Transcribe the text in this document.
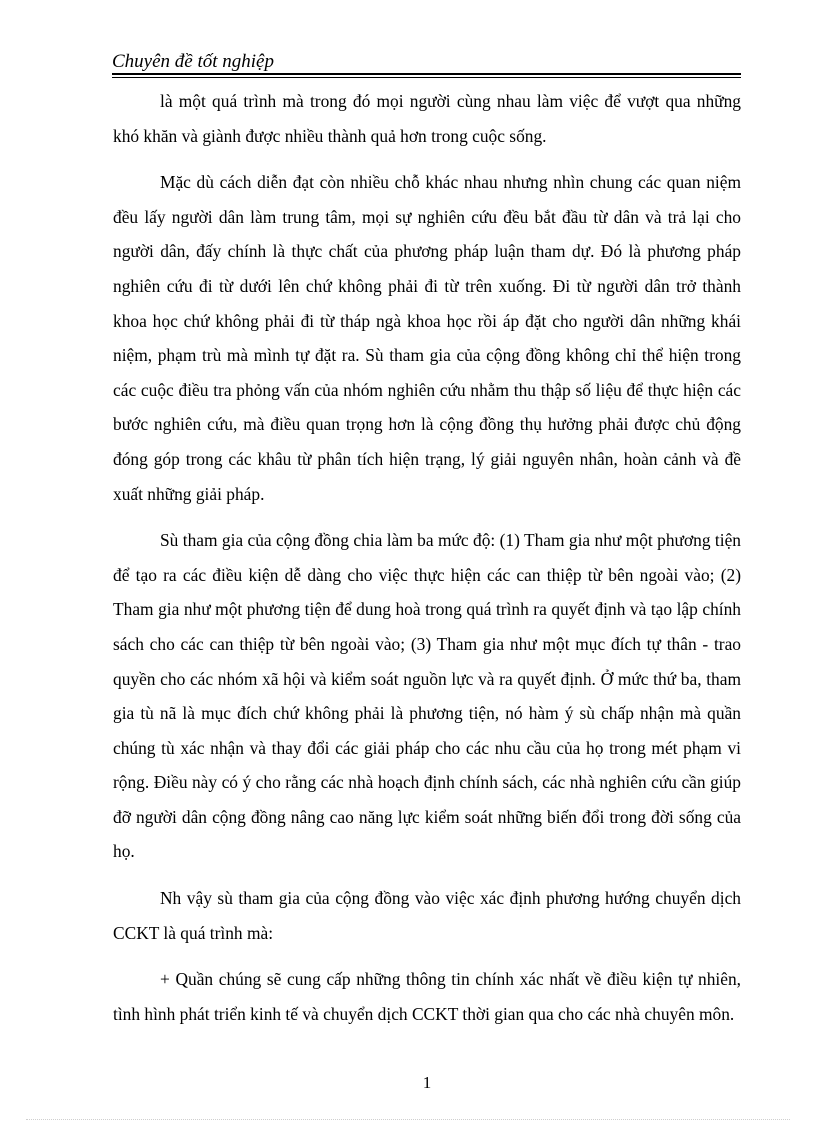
Chuyên đề tốt nghiệp

là một quá trình mà trong đó mọi người cùng nhau làm việc để vượt qua những khó khăn và giành được nhiều thành quả hơn trong cuộc sống.

Mặc dù cách diễn đạt còn nhiều chỗ khác nhau nhưng nhìn chung các quan niệm đều lấy người dân làm trung tâm, mọi sự nghiên cứu đều bắt đầu từ dân và trả lại cho người dân, đấy chính là thực chất của phương pháp luận tham dự. Đó là phương pháp nghiên cứu đi từ dưới lên chứ không phải đi từ trên xuống. Đi từ người dân trở thành khoa học chứ không phải đi từ tháp ngà khoa học rồi áp đặt cho người dân những khái niệm, phạm trù mà mình tự đặt ra. Sù tham gia của cộng đồng không chỉ thể hiện trong các cuộc điều tra phỏng vấn của nhóm nghiên cứu nhằm thu thập số liệu để thực hiện các bước nghiên cứu, mà điều quan trọng hơn là cộng đồng thụ hưởng phải được chủ động đóng góp trong các khâu từ phân tích hiện trạng, lý giải nguyên nhân, hoàn cảnh và đề xuất những giải pháp.

Sù tham gia của cộng đồng chia làm ba mức độ: (1) Tham gia như một phương tiện để tạo ra các điều kiện dễ dàng cho việc thực hiện các can thiệp từ bên ngoài vào; (2) Tham gia như một phương tiện để dung hoà trong quá trình ra quyết định và tạo lập chính sách cho các can thiệp từ bên ngoài vào; (3) Tham gia như một mục đích tự thân - trao quyền cho các nhóm xã hội và kiểm soát nguồn lực và ra quyết định. Ở mức thứ ba, tham gia tù nã là mục đích chứ không phải là phương tiện, nó hàm ý sù chấp nhận mà quần chúng tù xác nhận và thay đổi các giải pháp cho các nhu cầu của họ trong mét phạm vi rộng. Điều này có ý cho rằng các nhà hoạch định chính sách, các nhà nghiên cứu cần giúp đỡ người dân cộng đồng nâng cao năng lực kiểm soát những biến đổi trong đời sống của họ.

Nh vậy sù tham gia của cộng đồng vào việc xác định phương hướng chuyển dịch CCKT là quá trình mà:

+ Quần chúng sẽ cung cấp những thông tin chính xác nhất về điều kiện tự nhiên, tình hình phát triển kinh tế và chuyển dịch CCKT thời gian qua cho các nhà chuyên môn.

1
